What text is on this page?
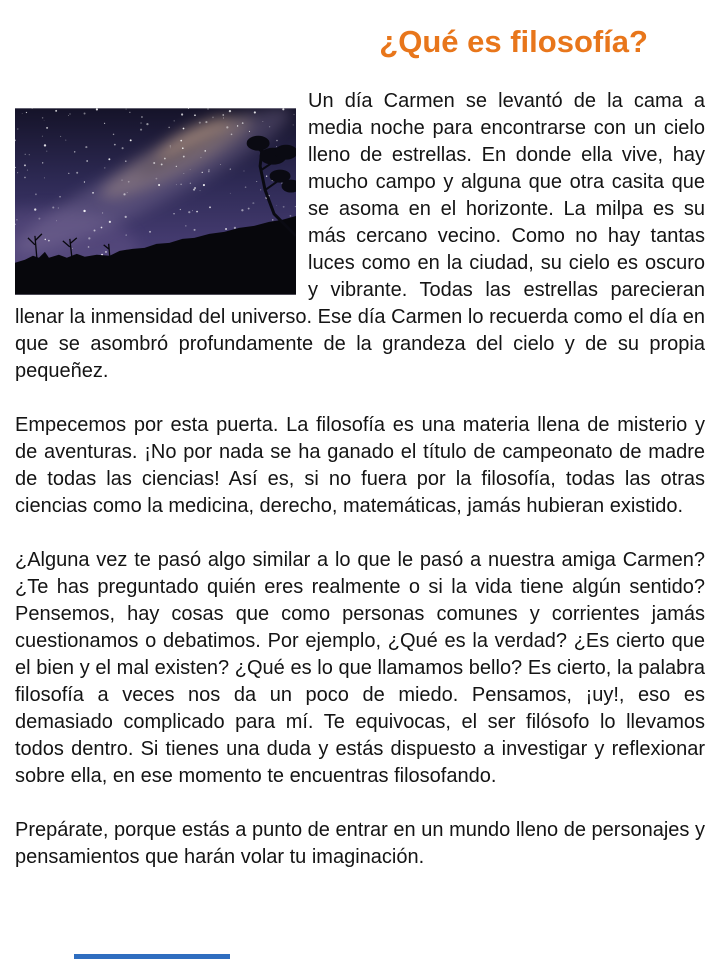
¿Qué es filosofía?

Un día Carmen se levantó de la cama a media noche para encontrarse con un cielo lleno de estrellas. En donde ella vive, hay mucho campo y alguna que otra casita que se asoma en el horizonte. La milpa es su más cercano vecino. Como no hay tantas luces como en la ciudad, su cielo es oscuro y vibrante. Todas las estrellas parecieran llenar la inmensidad del universo. Ese día Carmen lo recuerda como el día en que se asombró profundamente de la grandeza del cielo y de su propia pequeñez.

Empecemos por esta puerta. La filosofía es una materia llena de misterio y de aventuras. ¡No por nada se ha ganado el título de campeonato de madre de todas las ciencias! Así es, si no fuera por la filosofía, todas las otras ciencias como la medicina, derecho, matemáticas, jamás hubieran existido.

¿Alguna vez te pasó algo similar a lo que le pasó a nuestra amiga Carmen? ¿Te has preguntado quién eres realmente o si la vida tiene algún sentido? Pensemos, hay cosas que como personas comunes y corrientes jamás cuestionamos o debatimos. Por ejemplo, ¿Qué es la verdad? ¿Es cierto que el bien y el mal existen? ¿Qué es lo que llamamos bello? Es cierto, la palabra filosofía a veces nos da un poco de miedo. Pensamos, ¡uy!, eso es demasiado complicado para mí. Te equivocas, el ser filósofo lo llevamos todos dentro. Si tienes una duda y estás dispuesto a investigar y reflexionar sobre ella, en ese momento te encuentras filosofando.

Prepárate, porque estás a punto de entrar en un mundo lleno de personajes y pensamientos que harán volar tu imaginación.
